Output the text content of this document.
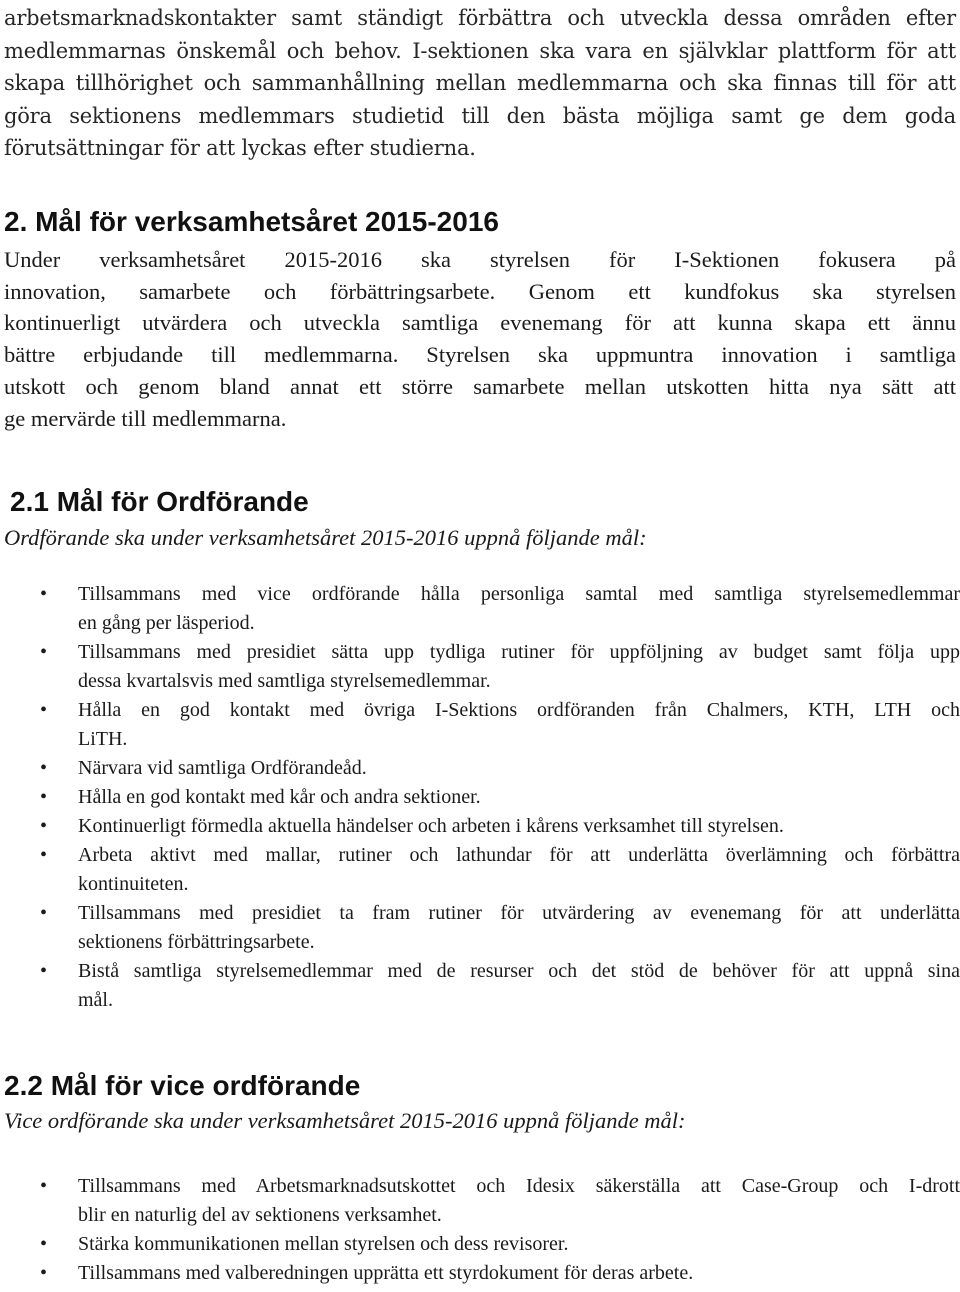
arbetsmarknadskontakter samt ständigt förbättra och utveckla dessa områden efter
medlemmarnas önskemål och behov. I-sektionen ska vara en självklar plattform för att
skapa tillhörighet och sammanhållning mellan medlemmarna och ska finnas till för att
göra sektionens medlemmars studietid till den bästa möjliga samt ge dem goda
förutsättningar för att lyckas efter studierna.
2. Mål för verksamhetsåret 2015-2016
Under verksamhetsåret 2015-2016 ska styrelsen för I-Sektionen fokusera på
innovation, samarbete och förbättringsarbete. Genom ett kundfokus ska styrelsen
kontinuerligt utvärdera och utveckla samtliga evenemang för att kunna skapa ett ännu
bättre erbjudande till medlemmarna. Styrelsen ska uppmuntra innovation i samtliga
utskott och genom bland annat ett större samarbete mellan utskotten hitta nya sätt att
ge mervärde till medlemmarna.
2.1 Mål för Ordförande
Ordförande ska under verksamhetsåret 2015-2016 uppnå följande mål:
• Tillsammans med vice ordförande hålla personliga samtal med samtliga styrelsemedlemmar
en gång per läsperiod.
• Tillsammans med presidiet sätta upp tydliga rutiner för uppföljning av budget samt följa upp
dessa kvartalsvis med samtliga styrelsemedlemmar.
• Hålla en god kontakt med övriga I-Sektions ordföranden från Chalmers, KTH, LTH och
LiTH.
• Närvara vid samtliga Ordförandeåd.
• Hålla en god kontakt med kår och andra sektioner.
• Kontinuerligt förmedla aktuella händelser och arbeten i kårens verksamhet till styrelsen.
• Arbeta aktivt med mallar, rutiner och lathundar för att underlätta överlämning och förbättra
kontinuiteten.
• Tillsammans med presidiet ta fram rutiner för utvärdering av evenemang för att underlätta
sektionens förbättringsarbete.
• Bistå samtliga styrelsemedlemmar med de resurser och det stöd de behöver för att uppnå sina
mål.
2.2 Mål för vice ordförande
Vice ordförande ska under verksamhetsåret 2015-2016 uppnå följande mål:
• Tillsammans med Arbetsmarknadsutskottet och Idesix säkerställa att Case-Group och I-drott
blir en naturlig del av sektionens verksamhet.
• Stärka kommunikationen mellan styrelsen och dess revisorer.
• Tillsammans med valberedningen upprätta ett styrdokument för deras arbete.
